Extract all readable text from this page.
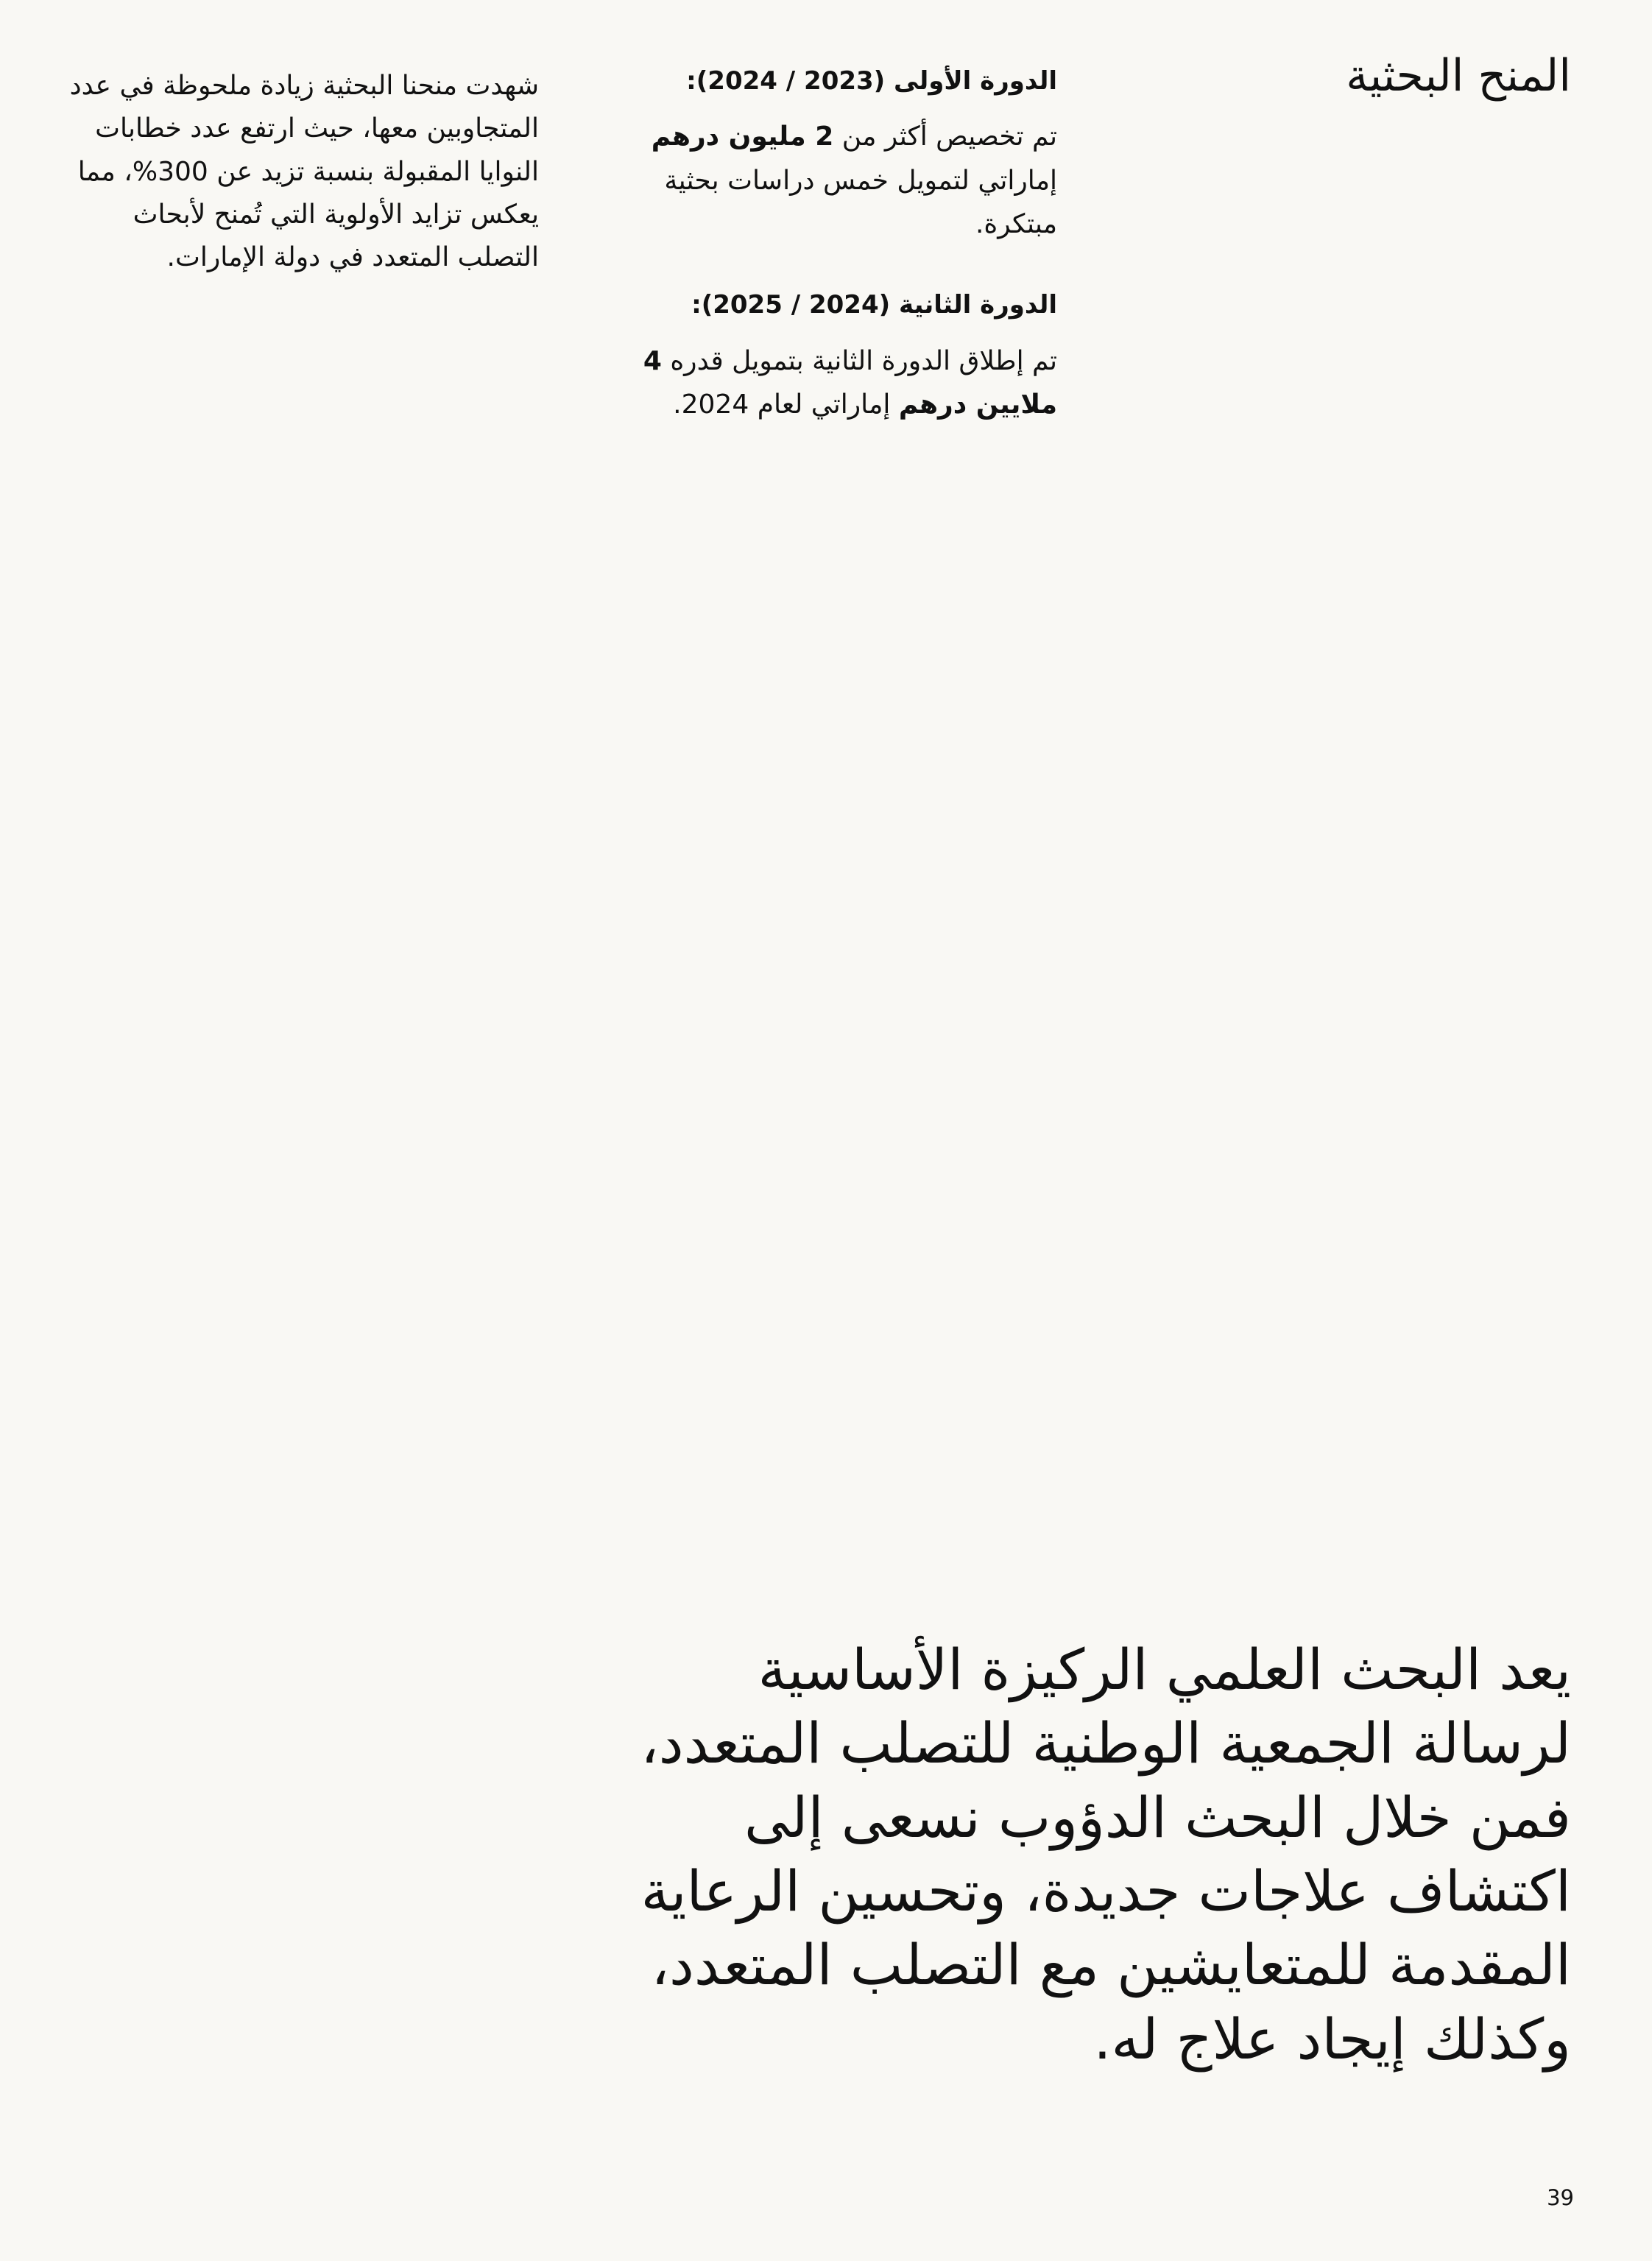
المنح البحثية
الدورة الأولى (2023 / 2024):

تم تخصيص أكثر من 2 مليون درهم إماراتي لتمويل خمس دراسات بحثية مبتكرة.

الدورة الثانية (2024 / 2025):

تم إطلاق الدورة الثانية بتمويل قدره 4 ملايين درهم إماراتي لعام 2024.

شهدت منحنا البحثية زيادة ملحوظة في عدد المتجاوبين معها، حيث ارتفع عدد خطابات النوايا المقبولة بنسبة تزيد عن 300%، مما يعكس تزايد الأولوية التي تُمنح لأبحاث التصلب المتعدد في دولة الإمارات.

يعد البحث العلمي الركيزة الأساسية لرسالة الجمعية الوطنية للتصلب المتعدد، فمن خلال البحث الدؤوب نسعى إلى اكتشاف علاجات جديدة، وتحسين الرعاية المقدمة للمتعايشين مع التصلب المتعدد، وكذلك إيجاد علاج له.

39
